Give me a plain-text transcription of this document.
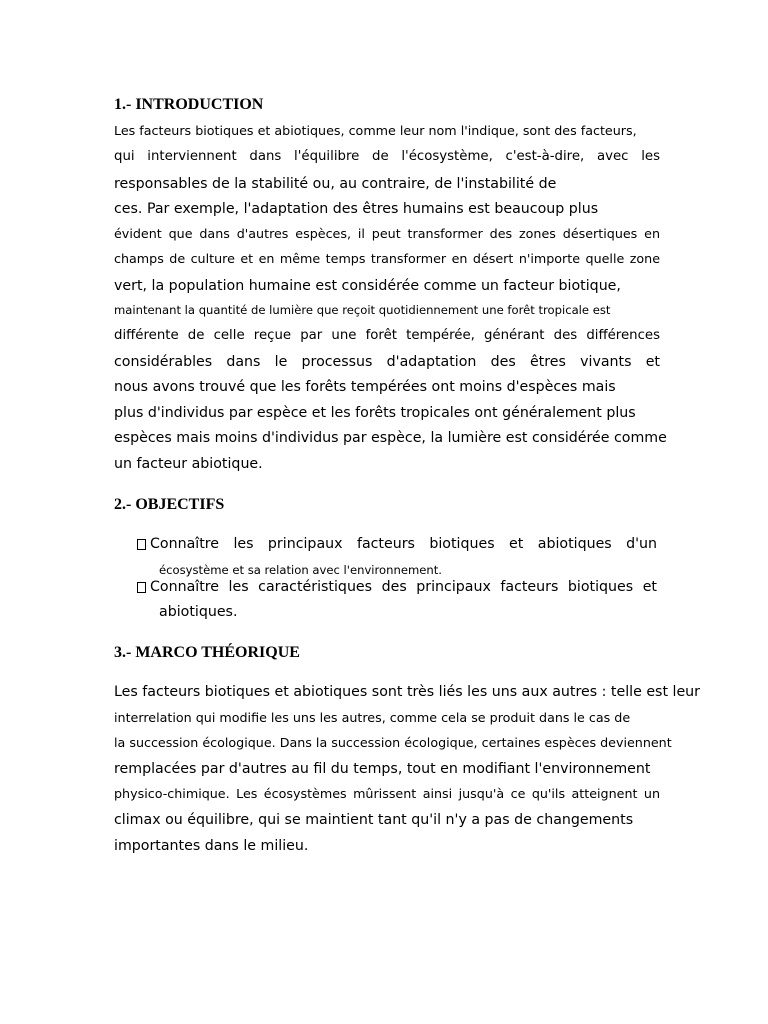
1.- INTRODUCTION

Les facteurs biotiques et abiotiques, comme leur nom l'indique, sont des facteurs,

qui interviennent dans l'équilibre de l'écosystème, c'est-à-dire, avec les

responsables de la stabilité ou, au contraire, de l'instabilité de

ces. Par exemple, l'adaptation des êtres humains est beaucoup plus

évident que dans d'autres espèces, il peut transformer des zones désertiques en

champs de culture et en même temps transformer en désert n'importe quelle zone

vert, la population humaine est considérée comme un facteur biotique,

maintenant la quantité de lumière que reçoit quotidiennement une forêt tropicale est

différente de celle reçue par une forêt tempérée, générant des différences

considérables dans le processus d'adaptation des êtres vivants et

nous avons trouvé que les forêts tempérées ont moins d'espèces mais

plus d'individus par espèce et les forêts tropicales ont généralement plus

espèces mais moins d'individus par espèce, la lumière est considérée comme

un facteur abiotique.

2.- OBJECTIFS
Connaître les principaux facteurs biotiques et abiotiques d'un

écosystème et sa relation avec l'environnement.

Connaître les caractéristiques des principaux facteurs biotiques et

abiotiques.

3.- MARCO THÉORIQUE

Les facteurs biotiques et abiotiques sont très liés les uns aux autres : telle est leur

interrelation qui modifie les uns les autres, comme cela se produit dans le cas de

la succession écologique. Dans la succession écologique, certaines espèces deviennent

remplacées par d'autres au fil du temps, tout en modifiant l'environnement

physico-chimique. Les écosystèmes mûrissent ainsi jusqu'à ce qu'ils atteignent un

climax ou équilibre, qui se maintient tant qu'il n'y a pas de changements

importantes dans le milieu.
